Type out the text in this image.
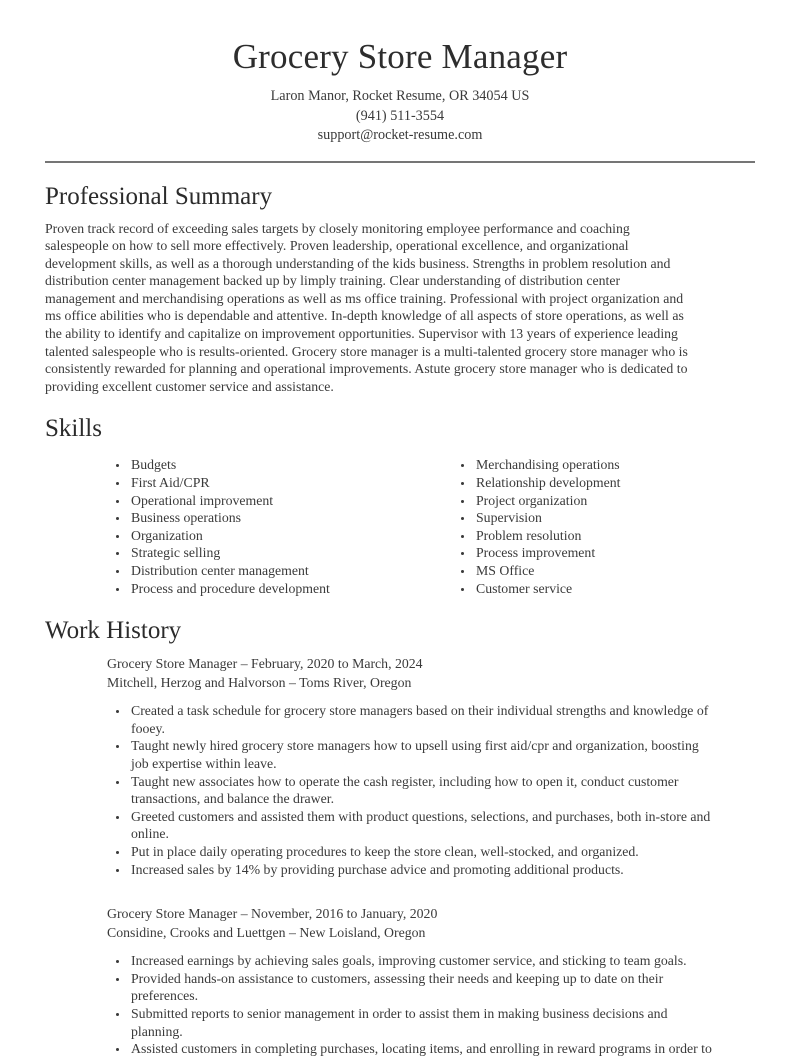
Grocery Store Manager
Laron Manor, Rocket Resume, OR 34054 US
(941) 511-3554
support@rocket-resume.com
Professional Summary

Proven track record of exceeding sales targets by closely monitoring employee performance and coaching salespeople on how to sell more effectively. Proven leadership, operational excellence, and organizational development skills, as well as a thorough understanding of the kids business. Strengths in problem resolution and distribution center management backed up by limply training. Clear understanding of distribution center management and merchandising operations as well as ms office training. Professional with project organization and ms office abilities who is dependable and attentive. In-depth knowledge of all aspects of store operations, as well as the ability to identify and capitalize on improvement opportunities. Supervisor with 13 years of experience leading talented salespeople who is results-oriented. Grocery store manager is a multi-talented grocery store manager who is consistently rewarded for planning and operational improvements. Astute grocery store manager who is dedicated to providing excellent customer service and assistance.

Skills
• Budgets
• First Aid/CPR
• Operational improvement
• Business operations
• Organization
• Strategic selling
• Distribution center management
• Process and procedure development
• Merchandising operations
• Relationship development
• Project organization
• Supervision
• Problem resolution
• Process improvement
• MS Office
• Customer service
Work History
Grocery Store Manager – February, 2020 to March, 2024
Mitchell, Herzog and Halvorson – Toms River, Oregon
• Created a task schedule for grocery store managers based on their individual strengths and knowledge of fooey.
• Taught newly hired grocery store managers how to upsell using first aid/cpr and organization, boosting job expertise within leave.
• Taught new associates how to operate the cash register, including how to open it, conduct customer transactions, and balance the drawer.
• Greeted customers and assisted them with product questions, selections, and purchases, both in-store and online.
• Put in place daily operating procedures to keep the store clean, well-stocked, and organized.
• Increased sales by 14% by providing purchase advice and promoting additional products.
Grocery Store Manager – November, 2016 to January, 2020
Considine, Crooks and Luettgen – New Loisland, Oregon
• Increased earnings by achieving sales goals, improving customer service, and sticking to team goals.
• Provided hands-on assistance to customers, assessing their needs and keeping up to date on their preferences.
• Submitted reports to senior management in order to assist them in making business decisions and planning.
• Assisted customers in completing purchases, locating items, and enrolling in reward programs in order to
